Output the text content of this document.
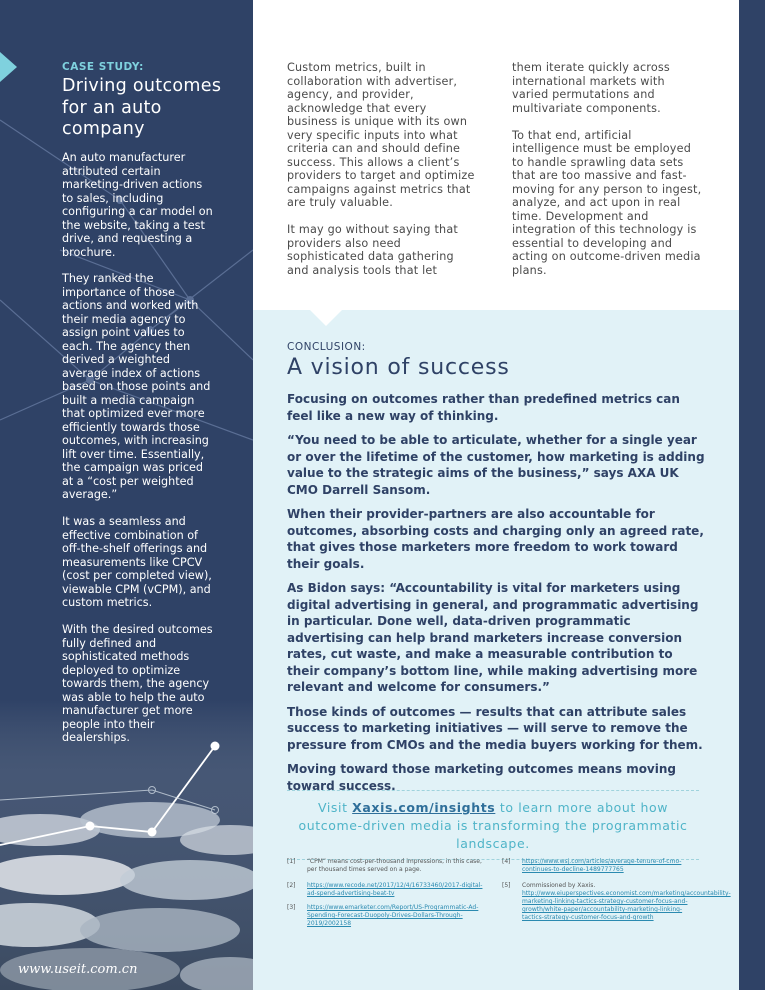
CASE STUDY:
Driving outcomes for an auto company
An auto manufacturer attributed certain marketing-driven actions to sales, including configuring a car model on the website, taking a test drive, and requesting a brochure.
They ranked the importance of those actions and worked with their media agency to assign point values to each. The agency then derived a weighted average index of actions based on those points and built a media campaign that optimized ever more efficiently towards those outcomes, with increasing lift over time. Essentially, the campaign was priced at a “cost per weighted average.”
It was a seamless and effective combination of off-the-shelf offerings and measurements like CPCV (cost per completed view), viewable CPM (vCPM), and custom metrics.
With the desired outcomes fully defined and sophisticated methods deployed to optimize towards them, the agency was able to help the auto manufacturer get more people into their dealerships.
www.useit.com.cn

Custom metrics, built in collaboration with advertiser, agency, and provider, acknowledge that every business is unique with its own very specific inputs into what criteria can and should define success. This allows a client’s providers to target and optimize campaigns against metrics that are truly valuable.

It may go without saying that providers also need sophisticated data gathering and analysis tools that let

them iterate quickly across international markets with varied permutations and multivariate components.

To that end, artificial intelligence must be employed to handle sprawling data sets that are too massive and fast-moving for any person to ingest, analyze, and act upon in real time. Development and integration of this technology is essential to developing and acting on outcome-driven media plans.

CONCLUSION:
A vision of success

Focusing on outcomes rather than predefined metrics can feel like a new way of thinking.

“You need to be able to articulate, whether for a single year or over the lifetime of the customer, how marketing is adding value to the strategic aims of the business,” says AXA UK CMO Darrell Sansom.

When their provider-partners are also accountable for outcomes, absorbing costs and charging only an agreed rate, that gives those marketers more freedom to work toward their goals.

As Bidon says: “Accountability is vital for marketers using digital advertising in general, and programmatic advertising in particular. Done well, data-driven programmatic advertising can help brand marketers increase conversion rates, cut waste, and make a measurable contribution to their company’s bottom line, while making advertising more relevant and welcome for consumers.”

Those kinds of outcomes — results that can attribute sales success to marketing initiatives — will serve to remove the pressure from CMOs and the media buyers working for them.

Moving toward those marketing outcomes means moving toward success.

Visit Xaxis.com/insights to learn more about how outcome-driven media is transforming the programmatic landscape.
[1] “CPM” means cost-per-thousand impressions, in this case, per thousand times served on a page.
[2] https://www.recode.net/2017/12/4/16733460/2017-digital-ad-spend-advertising-beat-tv
[3] https://www.emarketer.com/Report/US-Programmatic-Ad-Spending-Forecast-Duopoly-Drives-Dollars-Through-2019/2002158
[4] https://www.wsj.com/articles/average-tenure-of-cmo-continues-to-decline-1489777765
[5] Commissioned by Xaxis. http://www.eiuperspectives.economist.com/marketing/accountability-marketing-linking-tactics-strategy-customer-focus-and-growth/white-paper/accountability-marketing-linking-tactics-strategy-customer-focus-and-growth
